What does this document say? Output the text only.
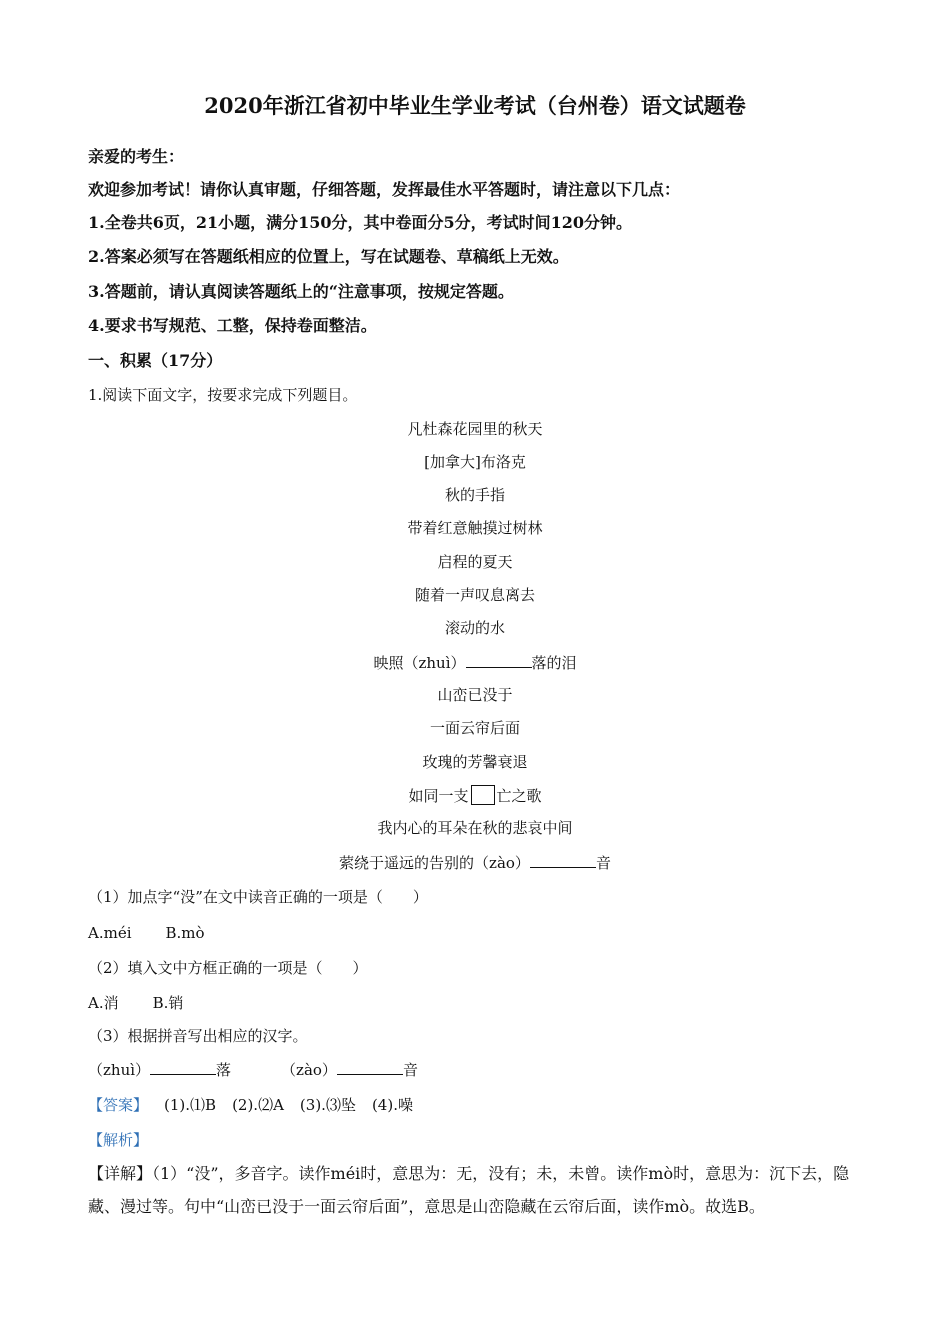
2020年浙江省初中毕业生学业考试（台州卷）语文试题卷
亲爱的考生：
欢迎参加考试！请你认真审题，仔细答题，发挥最佳水平答题时，请注意以下几点：
1.全卷共6页，21小题，满分150分，其中卷面分5分，考试时间120分钟。
2.答案必须写在答题纸相应的位置上，写在试题卷、草稿纸上无效。
3.答题前，请认真阅读答题纸上的“注意事项，按规定答题。
4.要求书写规范、工整，保持卷面整洁。
一、积累（17分）
1.阅读下面文字，按要求完成下列题目。
凡杜森花园里的秋天
[加拿大]布洛克
秋的手指
带着红意触摸过树林
启程的夏天
随着一声叹息离去
滚动的水
映照（zhuì）	落的泪
山峦已没于
一面云帘后面
玫瑰的芳馨衰退
如同一支 亡之歌
我内心的耳朵在秋的悲哀中间
萦绕于遥远的告别的（zào）	音
（1）加点字“没”在文中读音正确的一项是（　　）
A.méi B.mò
（2）填入文中方框正确的一项是（　　）
A.消 B.销
（3）根据拼音写出相应的汉字。
（zhuì）	落	（zào）	音
【答案】 (1).⑴B (2).⑵A (3).⑶坠 (4).噪
【解析】
【详解】（1）“没”，多音字。读作méi时，意思为：无，没有；未，未曾。读作mò时，意思为：沉下去，隐藏、漫过等。句中“山峦已没于一面云帘后面”，意思是山峦隐藏在云帘后面，读作mò。故选B。
